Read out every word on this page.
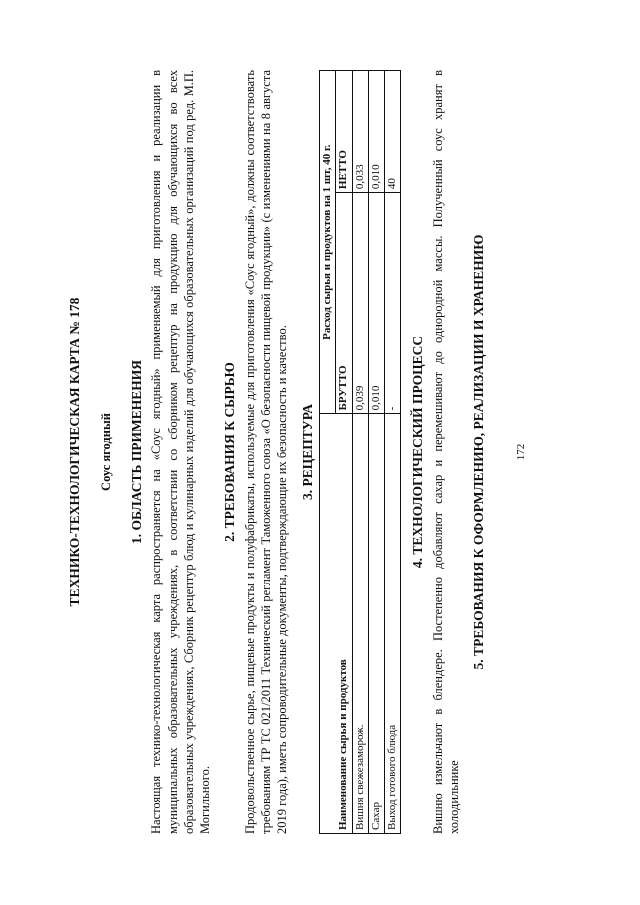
ТЕХНИКО-ТЕХНОЛОГИЧЕСКАЯ КАРТА № 178 Соус ягодный 1. ОБЛАСТЬ ПРИМЕНЕНИЯ Настоящая технико-технологическая карта распространяется на «Соус ягодный» применяемый для приготовления и реализации в муниципальных образовательных учреждениях, в соответствии со сборником рецептур на продукцию для обучающихся во всех образовательных учреждениях, Сборник рецептур блюд и кулинарных изделий для обучающихся образовательных организаций под ред. М.П. Могильного.
2. ТРЕБОВАНИЯ К СЫРЬЮ Продовольственное сырье, пищевые продукты и полуфабрикаты, используемые для приготовления «Соус ягодный», должны соответствовать требованиям ТР ТС 021/2011 Технический регламент Таможенного союза «О безопасности пищевой продукции» (с изменениями на 8 августа 2019 года), иметь сопроводительные документы, подтверждающие их безопасность и качество. 3. РЕЦЕПТУРА
Наименование сырья и продуктов	Расход сырья и продуктов на 1 шт, 40 г.	
	БРУТТО	НЕТТО
Вишня свежезаморож.	0,039	0,033
Сахар	0,010	0,010
Выход готового блюда	-	40
4. ТЕХНОЛОГИЧЕСКИЙ ПРОЦЕСС Вишню измельчают в блендере. Постепенно добавляют сахар и перемешивают до однородной массы. Полученный соус хранят в холодильнике
5. ТРЕБОВАНИЯ К ОФОРМЛЕНИЮ, РЕАЛИЗАЦИИ И ХРАНЕНИЮ	172
